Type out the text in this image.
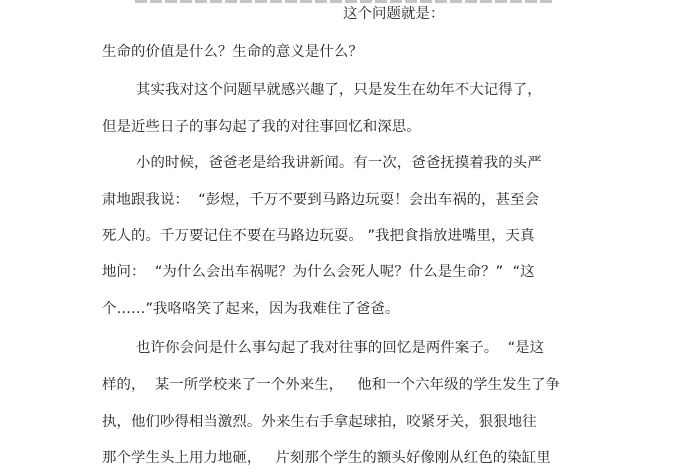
这个问题就是：
生命的价值是什么？生命的意义是什么？
其实我对这个问题早就感兴趣了，只是发生在幼年不大记得了，
但是近些日子的事勾起了我的对往事回忆和深思。
小的时候，爸爸老是给我讲新闻。有一次，爸爸抚摸着我的头严
肃地跟我说：  “彭煜，千万不要到马路边玩耍！会出车祸的，甚至会
死人的。千万要记住不要在马路边玩耍。 ”我把食指放进嘴里，天真
地问：  “为什么会出车祸呢？为什么会死人呢？什么是生命？”  “这
个……”我咯咯笑了起来，因为我难住了爸爸。
也许你会问是什么事勾起了我对往事的回忆是两件案子。  “是这
样的，  某一所学校来了一个外来生，   他和一个六年级的学生发生了争
执，他们吵得相当激烈。外来生右手拿起球拍，咬紧牙关，狠狠地往
那个学生头上用力地砸，   片刻那个学生的额头好像刚从红色的染缸里
